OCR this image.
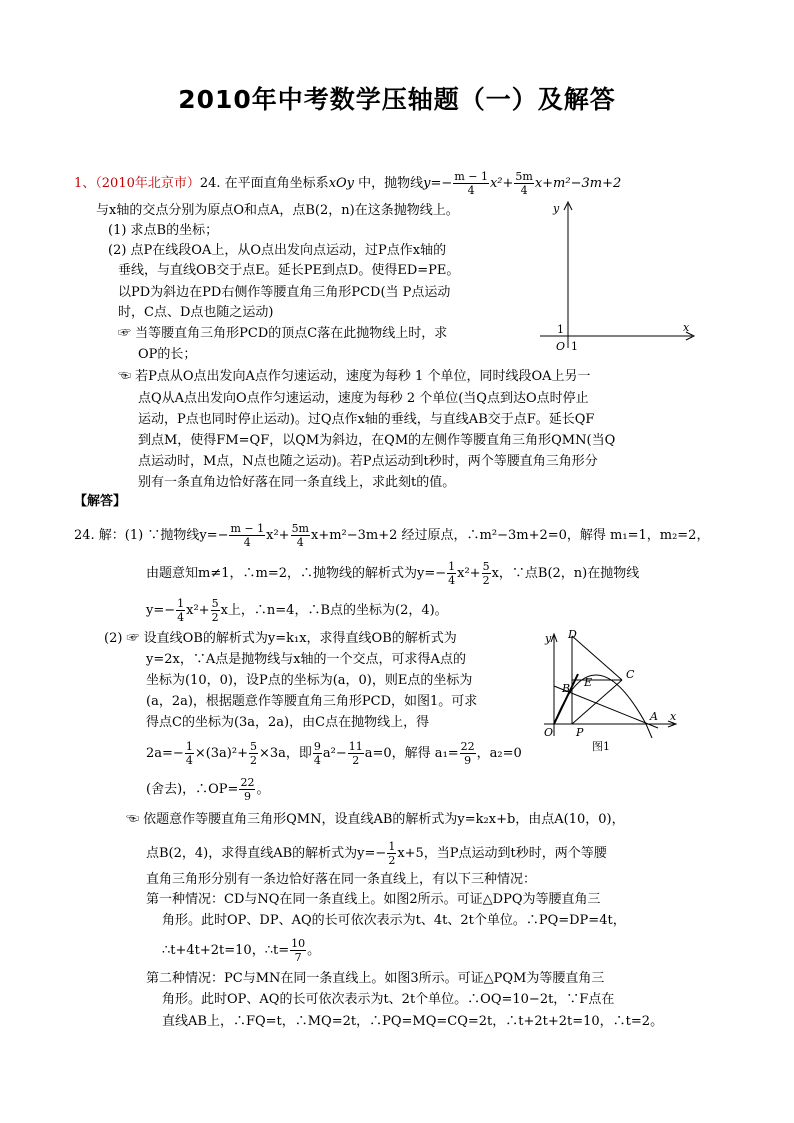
2010年中考数学压轴题（一）及解答
1、（2010年北京市）24. 在平面直角坐标系xOy 中，抛物线$y=- \frac{m - 1}{4} x^2+ \frac{5m}{4} x+m^2-3m+2$
与x轴的交点分别为原点O和点A，点B(2，n)在这条抛物线上。
(1) 求点B的坐标；
(2) 点P在线段OA上，从O点出发向点运动，过P点作x轴的
垂线，与直线OB交于点E。延长PE到点D。使得ED=PE。
以PD为斜边在PD右侧作等腰直角三角形PCD(当 P点运动
时，C点、D点也随之运动)
☞ 当等腰直角三角形PCD的顶点C落在此抛物线上时，求
OP的长；
☜ 若P点从O点出发向A点作匀速运动，速度为每秒 1 个单位，同时线段OA上另一
点Q从A点出发向O点作匀速运动，速度为每秒 2 个单位(当Q点到达O点时停止
运动，P点也同时停止运动)。过Q点作x轴的垂线，与直线AB交于点F。延长QF
到点M，使得FM=QF，以QM为斜边，在QM的左侧作等腰直角三角形QMN(当Q
点运动时，M点，N点也随之运动)。若P点运动到t秒时，两个等腰直角三角形分
别有一条直角边恰好落在同一条直线上，求此刻t的值。
y
x
O 1
1
【解答】
24. 解：(1) ∵抛物线$y=- \frac{m - 1}{4} x^2+ \frac{5m}{4} x+m^2-3m+2$ 经过原点，∴m²−3m+2=0，解得 m₁=1，m₂=2，
由题意知m≠1，∴m=2，∴抛物线的解析式为$y=- \frac{1}{4} x^2+ \frac{5}{2}$ x，∵点B(2，n)在抛物线
$y=- \frac{1}{4} x^2+ \frac{5}{2}$ x上，∴n=4，∴B点的坐标为(2，4)。
(2) ☞ 设直线OB的解析式为y=k₁x，求得直线OB的解析式为
y=2x，∵A点是抛物线与x轴的一个交点，可求得A点的
坐标为(10，0)，设P点的坐标为(a，0)，则E点的坐标为
(a，2a)，根据题意作等腰直角三角形PCD，如图1。可求
得点C的坐标为(3a，2a)，由C点在抛物线上，得
$2a=- \frac{1}{4} \times(3a)^2+ \frac{5}{2} \times 3a$，即 $\frac{9}{4} a^2- \frac{11}{2} a=0$，解得 $a_1= \frac{22}{9}$ ，a₂=0
(舍去)，∴OP= $\frac{22}{9}$ 。
y
x
D
B E
C
A
O P
图1
☜ 依题意作等腰直角三角形QMN，设直线AB的解析式为y=k₂x+b，由点A(10，0)，
点B(2，4)，求得直线AB的解析式为$y=- \frac{1}{2} x+5$，当P点运动到t秒时，两个等腰
直角三角形分别有一条边恰好落在同一条直线上，有以下三种情况：
第一种情况：CD与NQ在同一条直线上。如图2所示。可证△DPQ为等腰直角三
角形。此时OP、DP、AQ的长可依次表示为t、4t、2t个单位。∴PQ=DP=4t，
∴t+4t+2t=10，∴t= $\frac{10}{7}$ 。
第二种情况：PC与MN在同一条直线上。如图3所示。可证△PQM为等腰直角三
角形。此时OP、AQ的长可依次表示为t、2t个单位。∴OQ=10−2t，∵F点在
直线AB上，∴FQ=t，∴MQ=2t，∴PQ=MQ=CQ=2t，∴t+2t+2t=10，∴t=2。
